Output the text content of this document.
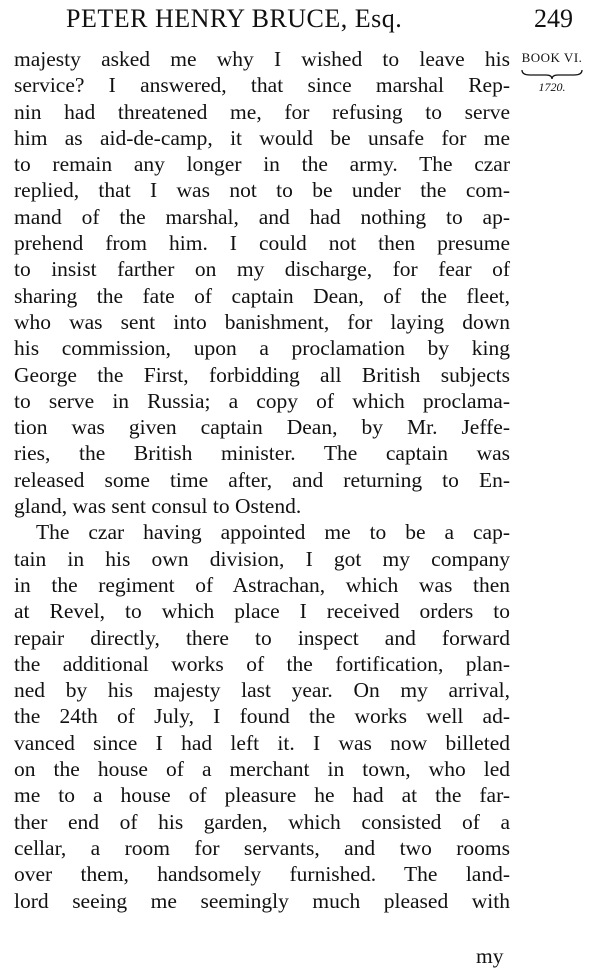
PETER HENRY BRUCE, Esq.	249
BOOK VI.
1720.
majesty asked me why I wished to leave his
service? I answered, that since marshal Rep-
nin had threatened me, for refusing to serve
him as aid-de-camp, it would be unsafe for me
to remain any longer in the army. The czar
replied, that I was not to be under the com-
mand of the marshal, and had nothing to ap-
prehend from him. I could not then presume
to insist farther on my discharge, for fear of
sharing the fate of captain Dean, of the fleet,
who was sent into banishment, for laying down
his commission, upon a proclamation by king
George the First, forbidding all British subjects
to serve in Russia; a copy of which proclama-
tion was given captain Dean, by Mr. Jeffe-
ries, the British minister. The captain was
released some time after, and returning to En-
gland, was sent consul to Ostend.
The czar having appointed me to be a cap-
tain in his own division, I got my company
in the regiment of Astrachan, which was then
at Revel, to which place I received orders to
repair directly, there to inspect and forward
the additional works of the fortification, plan-
ned by his majesty last year. On my arrival,
the 24th of July, I found the works well ad-
vanced since I had left it. I was now billeted
on the house of a merchant in town, who led
me to a house of pleasure he had at the far-
ther end of his garden, which consisted of a
cellar, a room for servants, and two rooms
over them, handsomely furnished. The land-
lord seeing me seemingly much pleased with
my
